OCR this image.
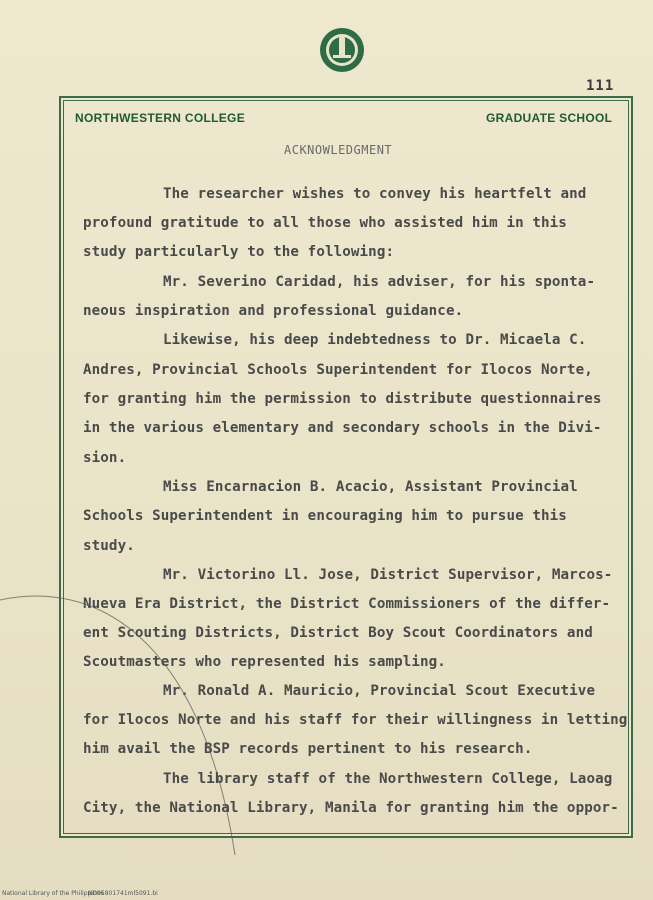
111
NORTHWESTERN COLLEGE	GRADUATE SCHOOL
ACKNOWLEDGMENT
The researcher wishes to convey his heartfelt and
profound gratitude to all those who assisted him in this
study particularly to the following:
Mr. Severino Caridad, his adviser, for his sponta-
neous inspiration and professional guidance.
Likewise, his deep indebtedness to Dr. Micaela C.
Andres, Provincial Schools Superintendent for Ilocos Norte,
for granting him the permission to distribute questionnaires
in the various elementary and secondary schools in the Divi-
sion.
Miss Encarnacion B. Acacio, Assistant Provincial
Schools Superintendent in encouraging him to pursue this
study.
Mr. Victorino Ll. Jose, District Supervisor, Marcos-
Nueva Era District, the District Commissioners of the differ-
ent Scouting Districts, District Boy Scout Coordinators and
Scoutmasters who represented his sampling.
Mr. Ronald A. Mauricio, Provincial Scout Executive
for Ilocos Norte and his staff for their willingness in letting
him avail the BSP records pertinent to his research.
The library staff of the Northwestern College, Laoag
City, the National Library, Manila for granting him the oppor-
National Library of the Philippines
ND95801741ml5091.bi
